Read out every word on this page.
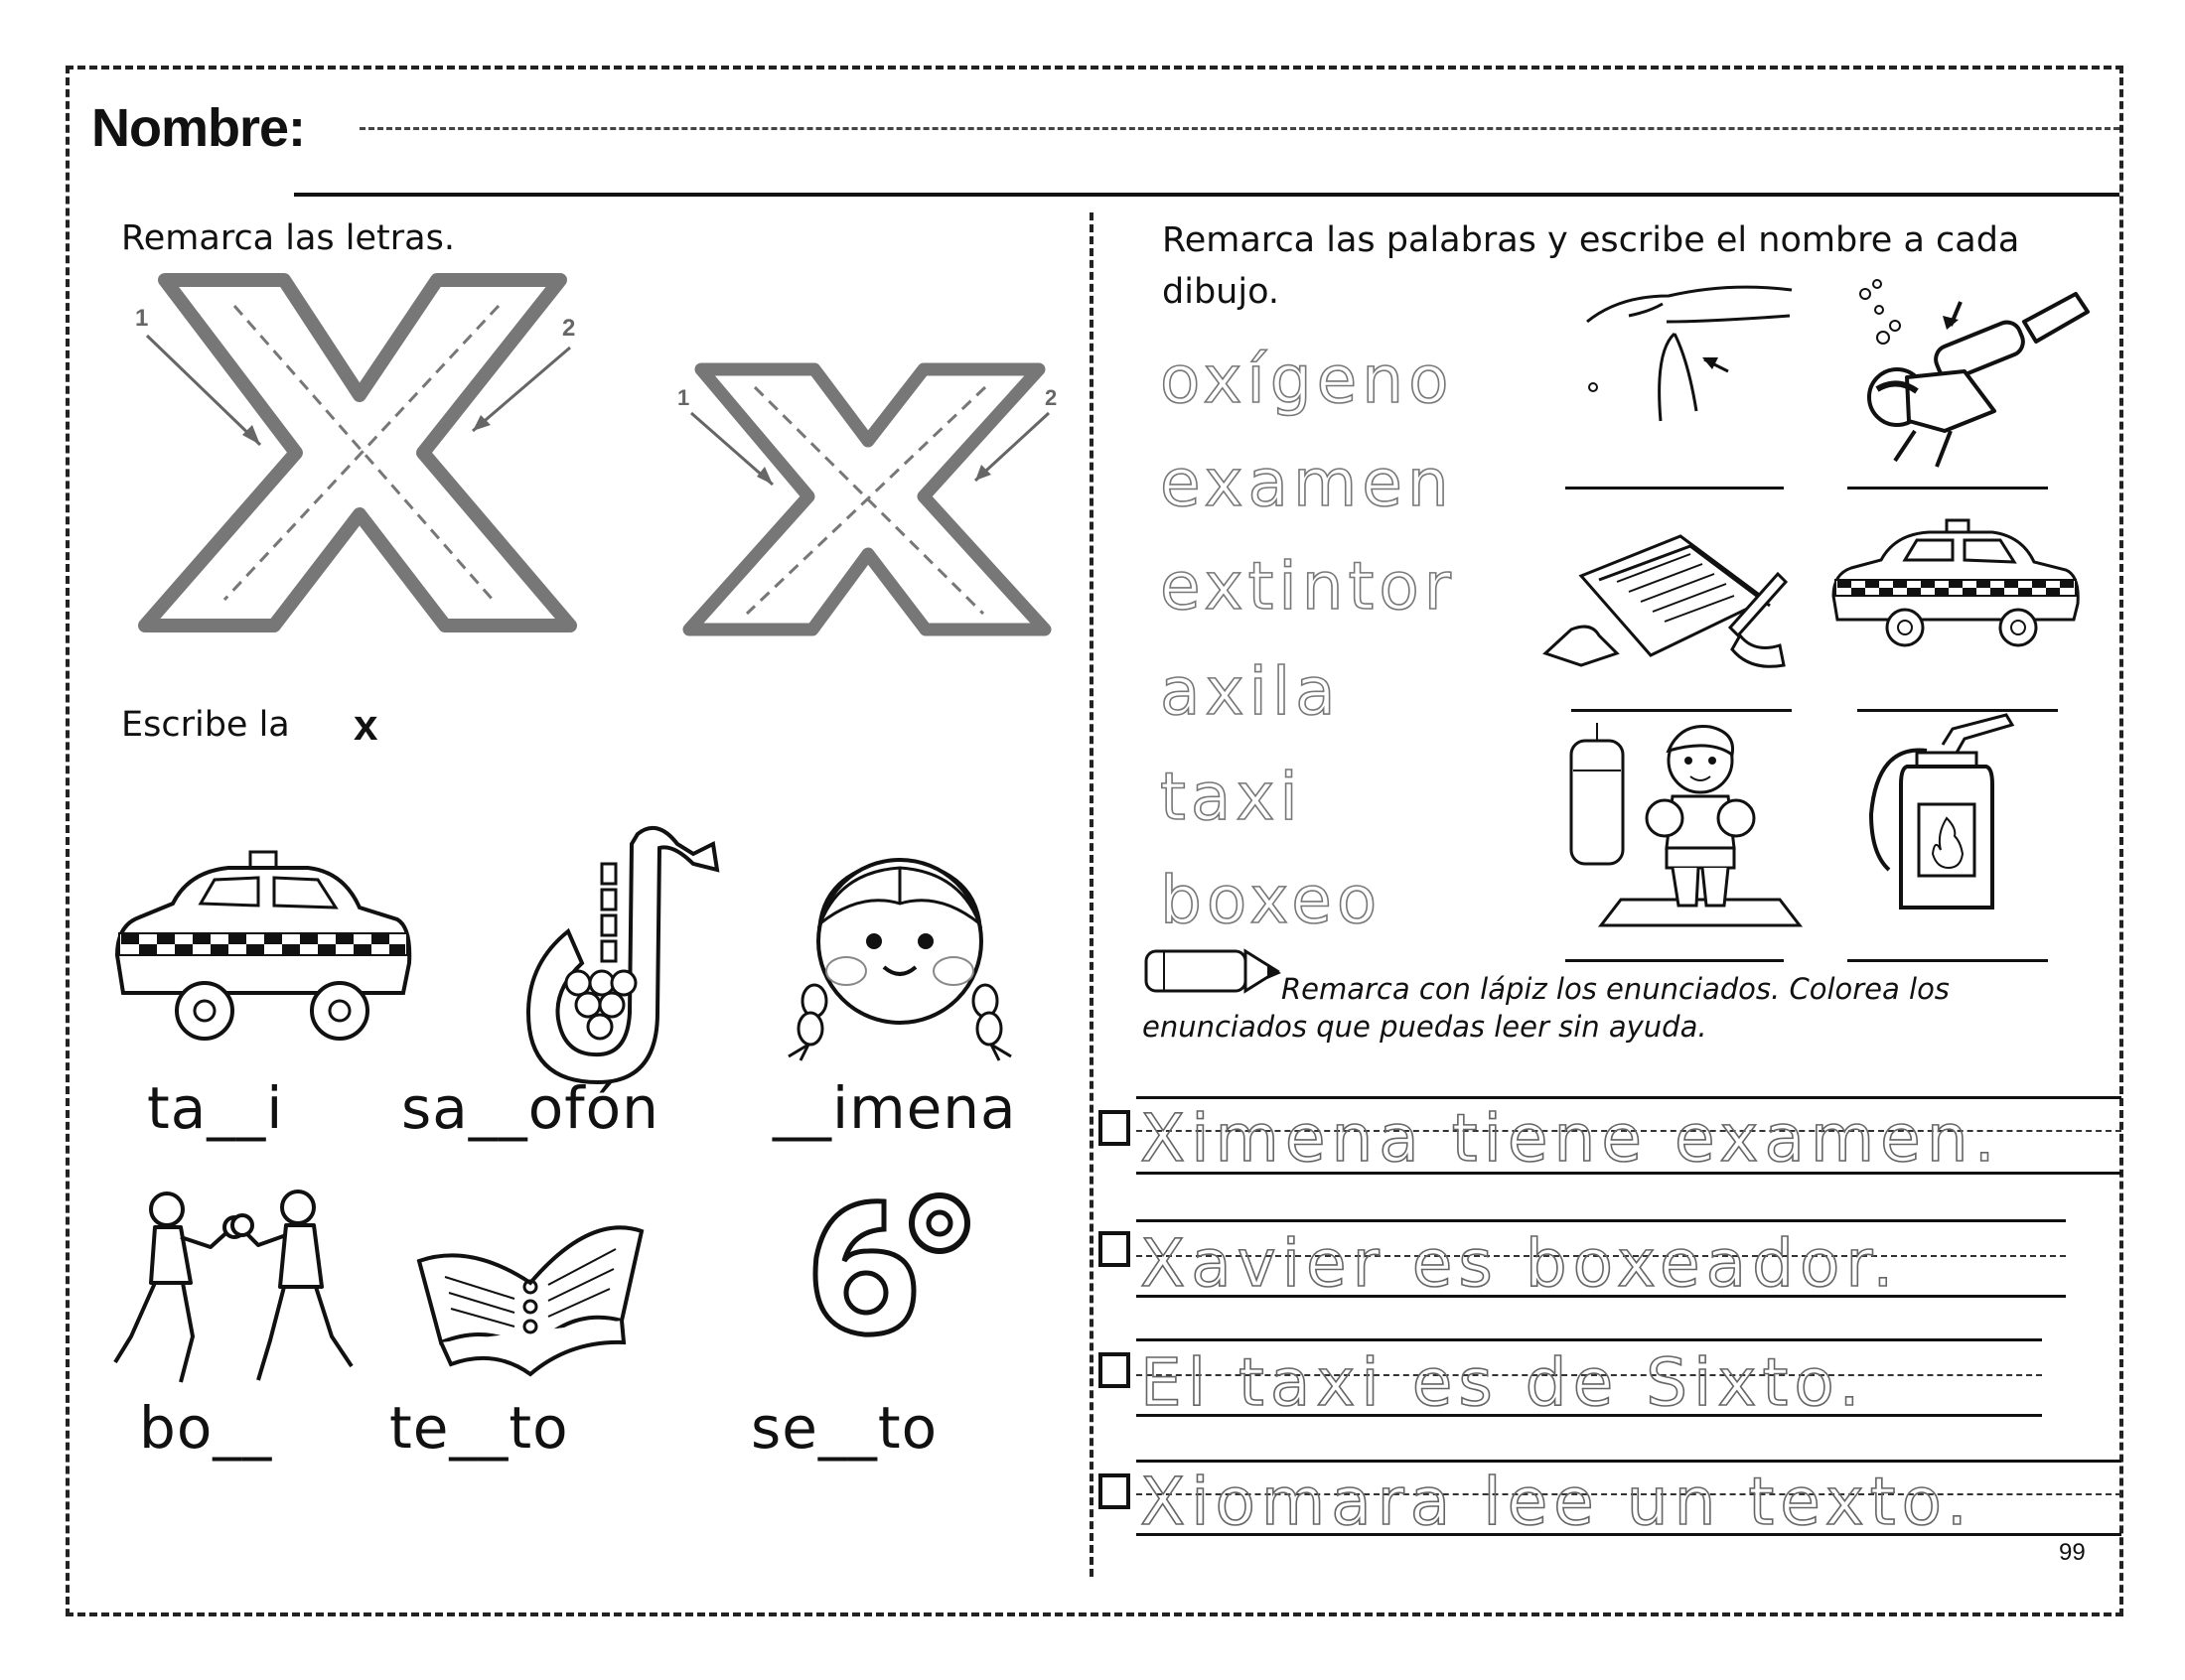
Nombre:
Remarca las letras.
1	2
1	2
Escribe la x
ta__i sa__ofón __imena
bo__ te__to	se__to
Remarca las palabras y escribe el nombre a cada
dibujo.
oxígeno
examen
extintor
axila
taxi
boxeo
Remarca con lápiz los enunciados. Colorea los
enunciados que puedas leer sin ayuda.
Ximena tiene examen.
Xavier es boxeador.
El taxi es de Sixto.
Xiomara lee un texto.
99
